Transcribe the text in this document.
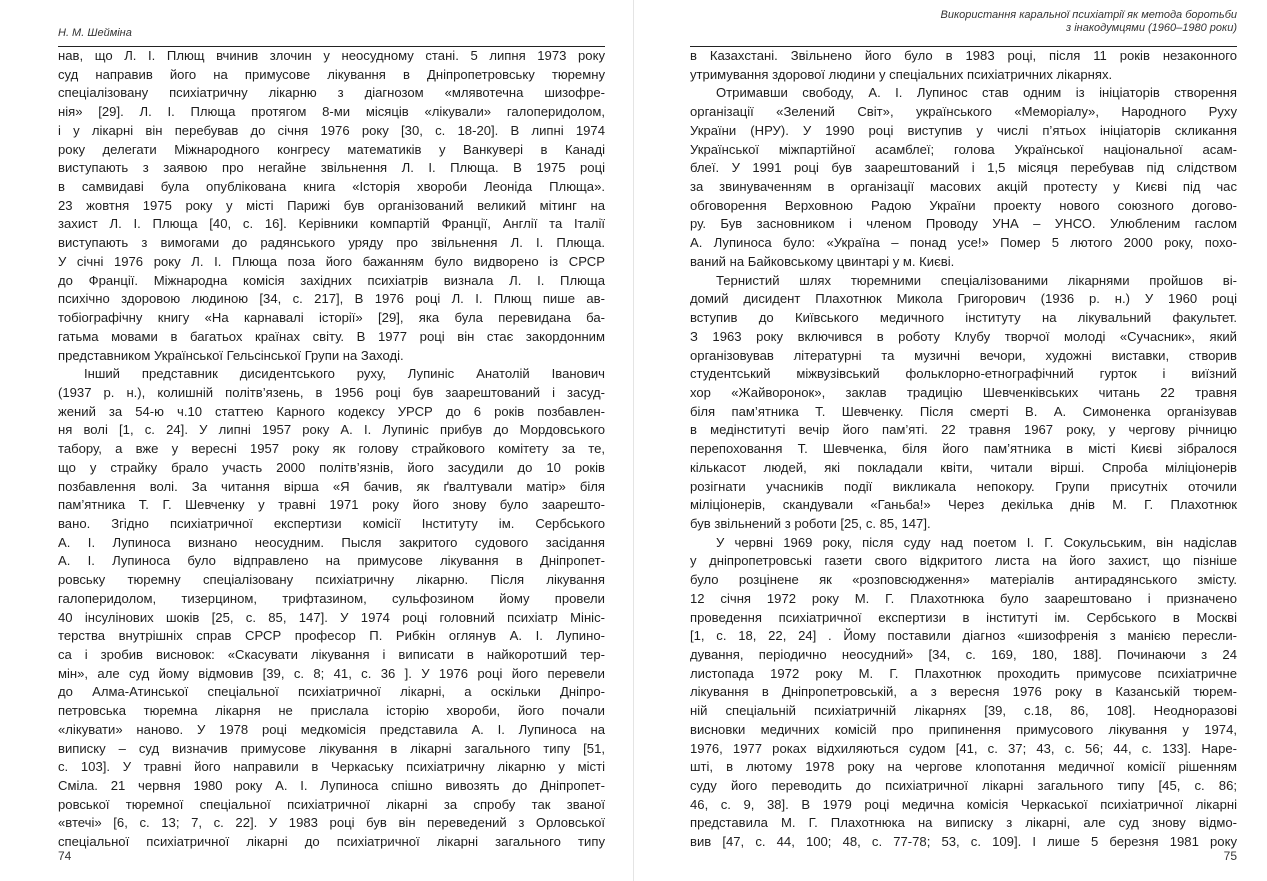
Н. М. Шейміна
нав, що Л. І. Плющ вчинив злочин у неосудному стані. 5 липня 1973 року
суд направив його на примусове лікування в Дніпропетровську тюремну
спеціалізовану психіатричну лікарню з діагнозом «млявотечна шизофре-
нія» [29]. Л. І. Плюща протягом 8-ми місяців «лікували» галоперидолом,
і у лікарні він перебував до січня 1976 року [30, с. 18-20]. В липні 1974
року делегати Міжнародного конгресу математиків у Ванкувері в Канаді
виступають з заявою про негайне звільнення Л. І. Плюща. В 1975 році
в самвидаві була опублікована книга «Історія хвороби Леоніда Плюща».
23 жовтня 1975 року у місті Парижі був організований великий мітинг на
захист Л. І. Плюща [40, с. 16]. Керівники компартій Франції, Англії та Італії
виступають з вимогами до радянського уряду про звільнення Л. І. Плюща.
У січні 1976 року Л. І. Плюща поза його бажанням було видворено із СРСР
до Франції. Міжнародна комісія західних психіатрів визнала Л. І. Плюща
психічно здоровою людиною [34, с. 217], В 1976 році Л. І. Плющ пише ав-
тобіографічну книгу «На карнавалі історії» [29], яка була перевидана ба-
гатьма мовами в багатьох країнах світу. В 1977 році він стає закордонним
представником Української Гельсінської Групи на Заході.
Інший представник дисидентського руху, Лупиніс Анатолій Іванович
(1937 р. н.), колишній політв’язень, в 1956 році був заарештований і засуд-
жений за 54-ю ч.10 статтею Карного кодексу УРСР до 6 років позбавлен-
ня волі [1, с. 24]. У липні 1957 року А. І. Лупиніс прибув до Мордовського
табору, а вже у вересні 1957 року як голову страйкового комітету за те,
що у страйку брало участь 2000 політв’язнів, його засудили до 10 років
позбавлення волі. За читання вірша «Я бачив, як ґвалтували матір» біля
пам’ятника Т. Г. Шевченку у травні 1971 року його знову було заарешто-
вано. Згідно психіатричної експертизи комісії Інституту ім. Сербського
А. І. Лупиноса визнано неосудним. Пысля закритого судового засідання
А. І. Лупиноса було відправлено на примусове лікування в Дніпропет-
ровську тюремну спеціалізовану психіатричну лікарню. Після лікування
галоперидолом, тизерцином, трифтазином, сульфозином йому провели
40 інсулінових шоків [25, с. 85, 147]. У 1974 році головний психіатр Мініс-
терства внутрішніх справ СРСР професор П. Рибкін оглянув А. І. Лупино-
са і зробив висновок: «Скасувати лікування і виписати в найкоротший тер-
мін», але суд йому відмовив [39, с. 8; 41, с. 36 ]. У 1976 році його перевели
до Алма-Атинської спеціальної психіатричної лікарні, а оскільки Дніпро-
петровська тюремна лікарня не прислала історію хвороби, його почали
«лікувати» наново. У 1978 році медкомісія представила А. І. Лупиноса на
виписку – суд визначив примусове лікування в лікарні загального типу [51,
с. 103]. У травні його направили в Черкаську психіатричну лікарню у місті
Сміла. 21 червня 1980 року А. І. Лупиноса спішно вивозять до Дніпропет-
ровської тюремної спеціальної психіатричної лікарні за спробу так званої
«втечі» [6, с. 13; 7, с. 22]. У 1983 році був він переведений з Орловської
спеціальної психіатричної лікарні до психіатричної лікарні загального типу
74
Використання каральної психіатрії як метода боротьби
з інакодумцями (1960–1980 роки)
в Казахстані. Звільнено його було в 1983 році, після 11 років незаконного
утримування здорової людини у спеціальних психіатричних лікарнях.
Отримавши свободу, А. І. Лупинос став одним із ініціаторів створення
організації «Зелений Світ», українського «Меморіалу», Народного Руху
України (НРУ). У 1990 році виступив у числі п’ятьох ініціаторів скликання
Української міжпартійної асамблеї; голова Української національної асам-
блеї. У 1991 році був заарештований і 1,5 місяця перебував під слідством
за звинуваченням в організації масових акцій протесту у Києві під час
обговорення Верховною Радою України проекту нового союзного догово-
ру. Був засновником і членом Проводу УНА – УНСО. Улюбленим гаслом
А. Лупиноса було: «Україна – понад усе!» Помер 5 лютого 2000 року, похо-
ваний на Байковському цвинтарі у м. Києві.
Тернистий шлях тюремними спеціалізованими лікарнями пройшов ві-
домий дисидент Плахотнюк Микола Григорович (1936 р. н.) У 1960 році
вступив до Київського медичного інституту на лікувальний факультет.
З 1963 року включився в роботу Клубу творчої молоді «Сучасник», який
організовував літературні та музичні вечори, художні виставки, створив
студентський міжвузівський фольклорно-етнографічний гурток і виїзний
хор «Жайворонок», заклав традицію Шевченківських читань 22 травня
біля пам’ятника Т. Шевченку. Після смерті В. А. Симоненка організував
в медінституті вечір його пам’яті. 22 травня 1967 року, у чергову річницю
перепоховання Т. Шевченка, біля його пам’ятника в місті Києві зібралося
кількасот людей, які покладали квіти, читали вірші. Спроба міліціонерів
розігнати учасників події викликала непокору. Групи присутніх оточили
міліціонерів, скандували «Ганьба!» Через декілька днів М. Г. Плахотнюк
був звільнений з роботи [25, с. 85, 147].
У червні 1969 року, після суду над поетом І. Г. Сокульським, він надіслав
у дніпропетровські газети свого відкритого листа на його захист, що пізніше
було розцінене як «розповсюдження» матеріалів антирадянського змісту.
12 січня 1972 року М. Г. Плахотнюка було заарештовано і призначено
проведення психіатричної експертизи в інституті ім. Сербського в Москві
[1, с. 18, 22, 24] . Йому поставили діагноз «шизофренія з манією пересли-
дування, періодично неосудний» [34, с. 169, 180, 188]. Починаючи з 24
листопада 1972 року М. Г. Плахотнюк проходить примусове психіатричне
лікування в Дніпропетровській, а з вересня 1976 року в Казанській тюрем-
ній спеціальній психіатричній лікарнях [39, с.18, 86, 108]. Неодноразові
висновки медичних комісій про припинення примусового лікування у 1974,
1976, 1977 роках відхиляються судом [41, с. 37; 43, с. 56; 44, с. 133]. Наре-
шті, в лютому 1978 року на чергове клопотання медичної комісії рішенням
суду його переводить до психіатричної лікарні загального типу [45, с. 86;
46, с. 9, 38]. В 1979 році медична комісія Черкаської психіатричної лікарні
представила М. Г. Плахотнюка на виписку з лікарні, але суд знову відмо-
вив [47, с. 44, 100; 48, с. 77-78; 53, с. 109]. І лише 5 березня 1981 року
75
